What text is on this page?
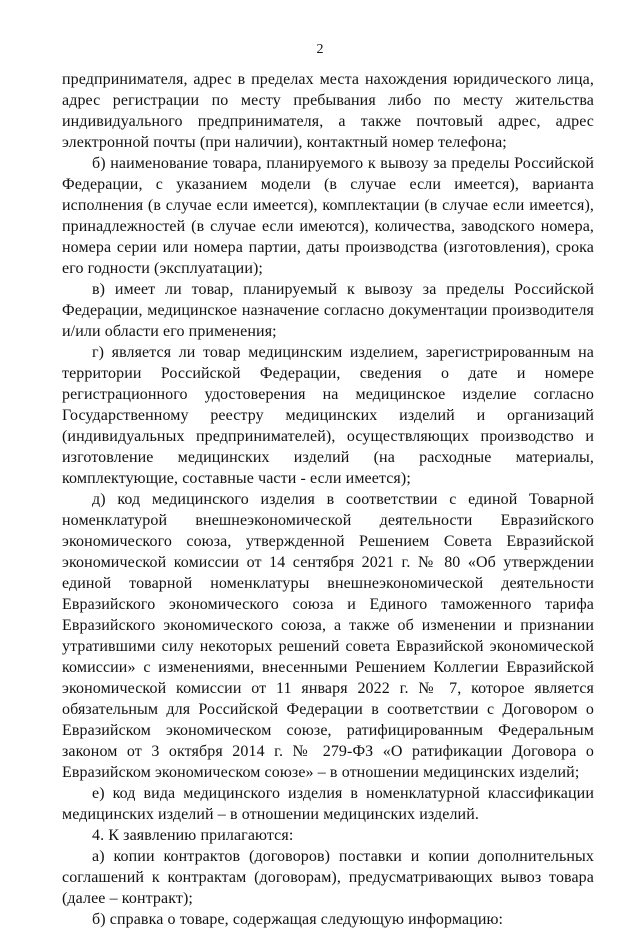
2

предпринимателя, адрес в пределах места нахождения юридического лица, адрес регистрации по месту пребывания либо по месту жительства индивидуального предпринимателя, а также почтовый адрес, адрес электронной почты (при наличии), контактный номер телефона;

б) наименование товара, планируемого к вывозу за пределы Российской Федерации, с указанием модели (в случае если имеется), варианта исполнения (в случае если имеется), комплектации (в случае если имеется), принадлежностей (в случае если имеются), количества, заводского номера, номера серии или номера партии, даты производства (изготовления), срока его годности (эксплуатации);

в) имеет ли товар, планируемый к вывозу за пределы Российской Федерации, медицинское назначение согласно документации производителя и/или области его применения;

г) является ли товар медицинским изделием, зарегистрированным на территории Российской Федерации, сведения о дате и номере регистрационного удостоверения на медицинское изделие согласно Государственному реестру медицинских изделий и организаций (индивидуальных предпринимателей), осуществляющих производство и изготовление медицинских изделий (на расходные материалы, комплектующие, составные части - если имеется);

д) код медицинского изделия в соответствии с единой Товарной номенклатурой внешнеэкономической деятельности Евразийского экономического союза, утвержденной Решением Совета Евразийской экономической комиссии от 14 сентября 2021 г. № 80 «Об утверждении единой товарной номенклатуры внешнеэкономической деятельности Евразийского экономического союза и Единого таможенного тарифа Евразийского экономического союза, а также об изменении и признании утратившими силу некоторых решений совета Евразийской экономической комиссии» с изменениями, внесенными Решением Коллегии Евразийской экономической комиссии от 11 января 2022 г. № 7, которое является обязательным для Российской Федерации в соответствии с Договором о Евразийском экономическом союзе, ратифицированным Федеральным законом от 3 октября 2014 г. № 279-ФЗ «О ратификации Договора о Евразийском экономическом союзе» – в отношении медицинских изделий;

е) код вида медицинского изделия в номенклатурной классификации медицинских изделий – в отношении медицинских изделий.

4. К заявлению прилагаются:

а) копии контрактов (договоров) поставки и копии дополнительных соглашений к контрактам (договорам), предусматривающих вывоз товара (далее – контракт);

б) справка о товаре, содержащая следующую информацию:
